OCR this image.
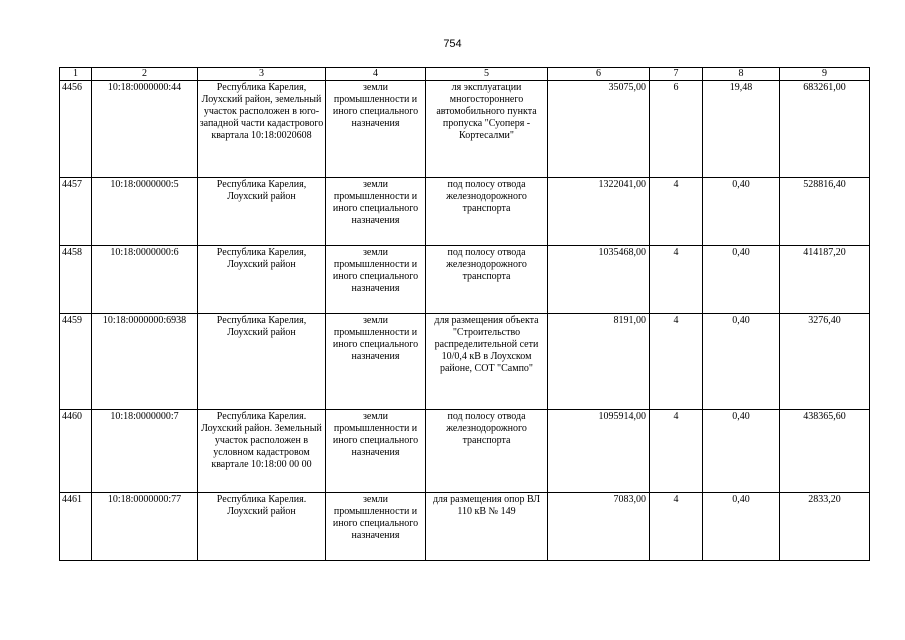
754
1	2	3	4	5	6	7	8	9
4456	10:18:0000000:44	Республика Карелия, Лоухский район, земельный участок расположен в юго-западной части кадастрового квартала 10:18:0020608	земли промышленности и иного специального назначения	ля эксплуатации многостороннего автомобильного пункта пропуска "Суоперя - Кортесалми"	35075,00	6	19,48	683261,00
4457	10:18:0000000:5	Республика Карелия, Лоухский район	земли промышленности и иного специального назначения	под полосу отвода железнодорожного транспорта	1322041,00	4	0,40	528816,40
4458	10:18:0000000:6	Республика Карелия, Лоухский район	земли промышленности и иного специального назначения	под полосу отвода железнодорожного транспорта	1035468,00	4	0,40	414187,20
4459	10:18:0000000:6938	Республика Карелия, Лоухский район	земли промышленности и иного специального назначения	для размещения объекта "Строительство распределительной сети 10/0,4 кВ в Лоухском районе, СОТ "Сампо"	8191,00	4	0,40	3276,40
4460	10:18:0000000:7	Республика Карелия. Лоухский район. Земельный участок расположен в условном кадастровом квартале 10:18:00 00 00	земли промышленности и иного специального назначения	под полосу отвода железнодорожного транспорта	1095914,00	4	0,40	438365,60
4461	10:18:0000000:77	Республика Карелия. Лоухский район	земли промышленности и иного специального назначения	для размещения опор ВЛ 110 кВ № 149	7083,00	4	0,40	2833,20
